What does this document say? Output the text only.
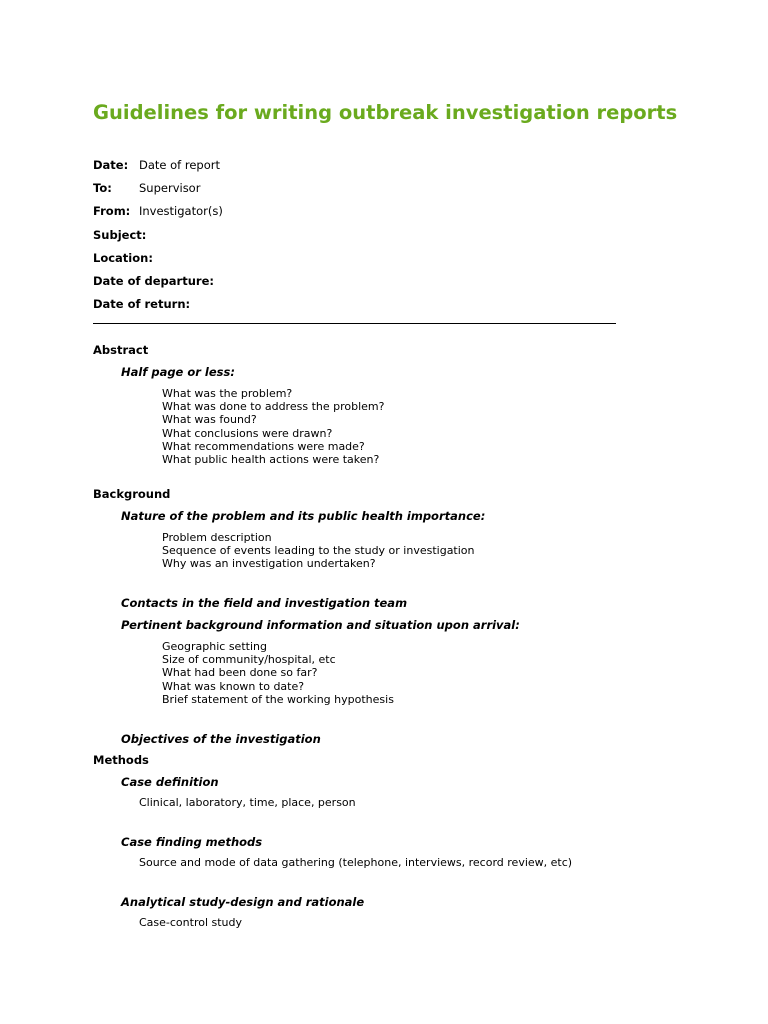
Guidelines for writing outbreak investigation reports
Date: Date of report
To: Supervisor
From: Investigator(s)
Subject:
Location:
Date of departure:
Date of return:
Abstract
Half page or less:
What was the problem?
What was done to address the problem?
What was found?
What conclusions were drawn?
What recommendations were made?
What public health actions were taken?
Background
Nature of the problem and its public health importance:
Problem description
Sequence of events leading to the study or investigation
Why was an investigation undertaken?
Contacts in the field and investigation team
Pertinent background information and situation upon arrival:
Geographic setting
Size of community/hospital, etc
What had been done so far?
What was known to date?
Brief statement of the working hypothesis
Objectives of the investigation
Methods
Case definition
Clinical, laboratory, time, place, person
Case finding methods
Source and mode of data gathering (telephone, interviews, record review, etc)
Analytical study-design and rationale
Case-control study
